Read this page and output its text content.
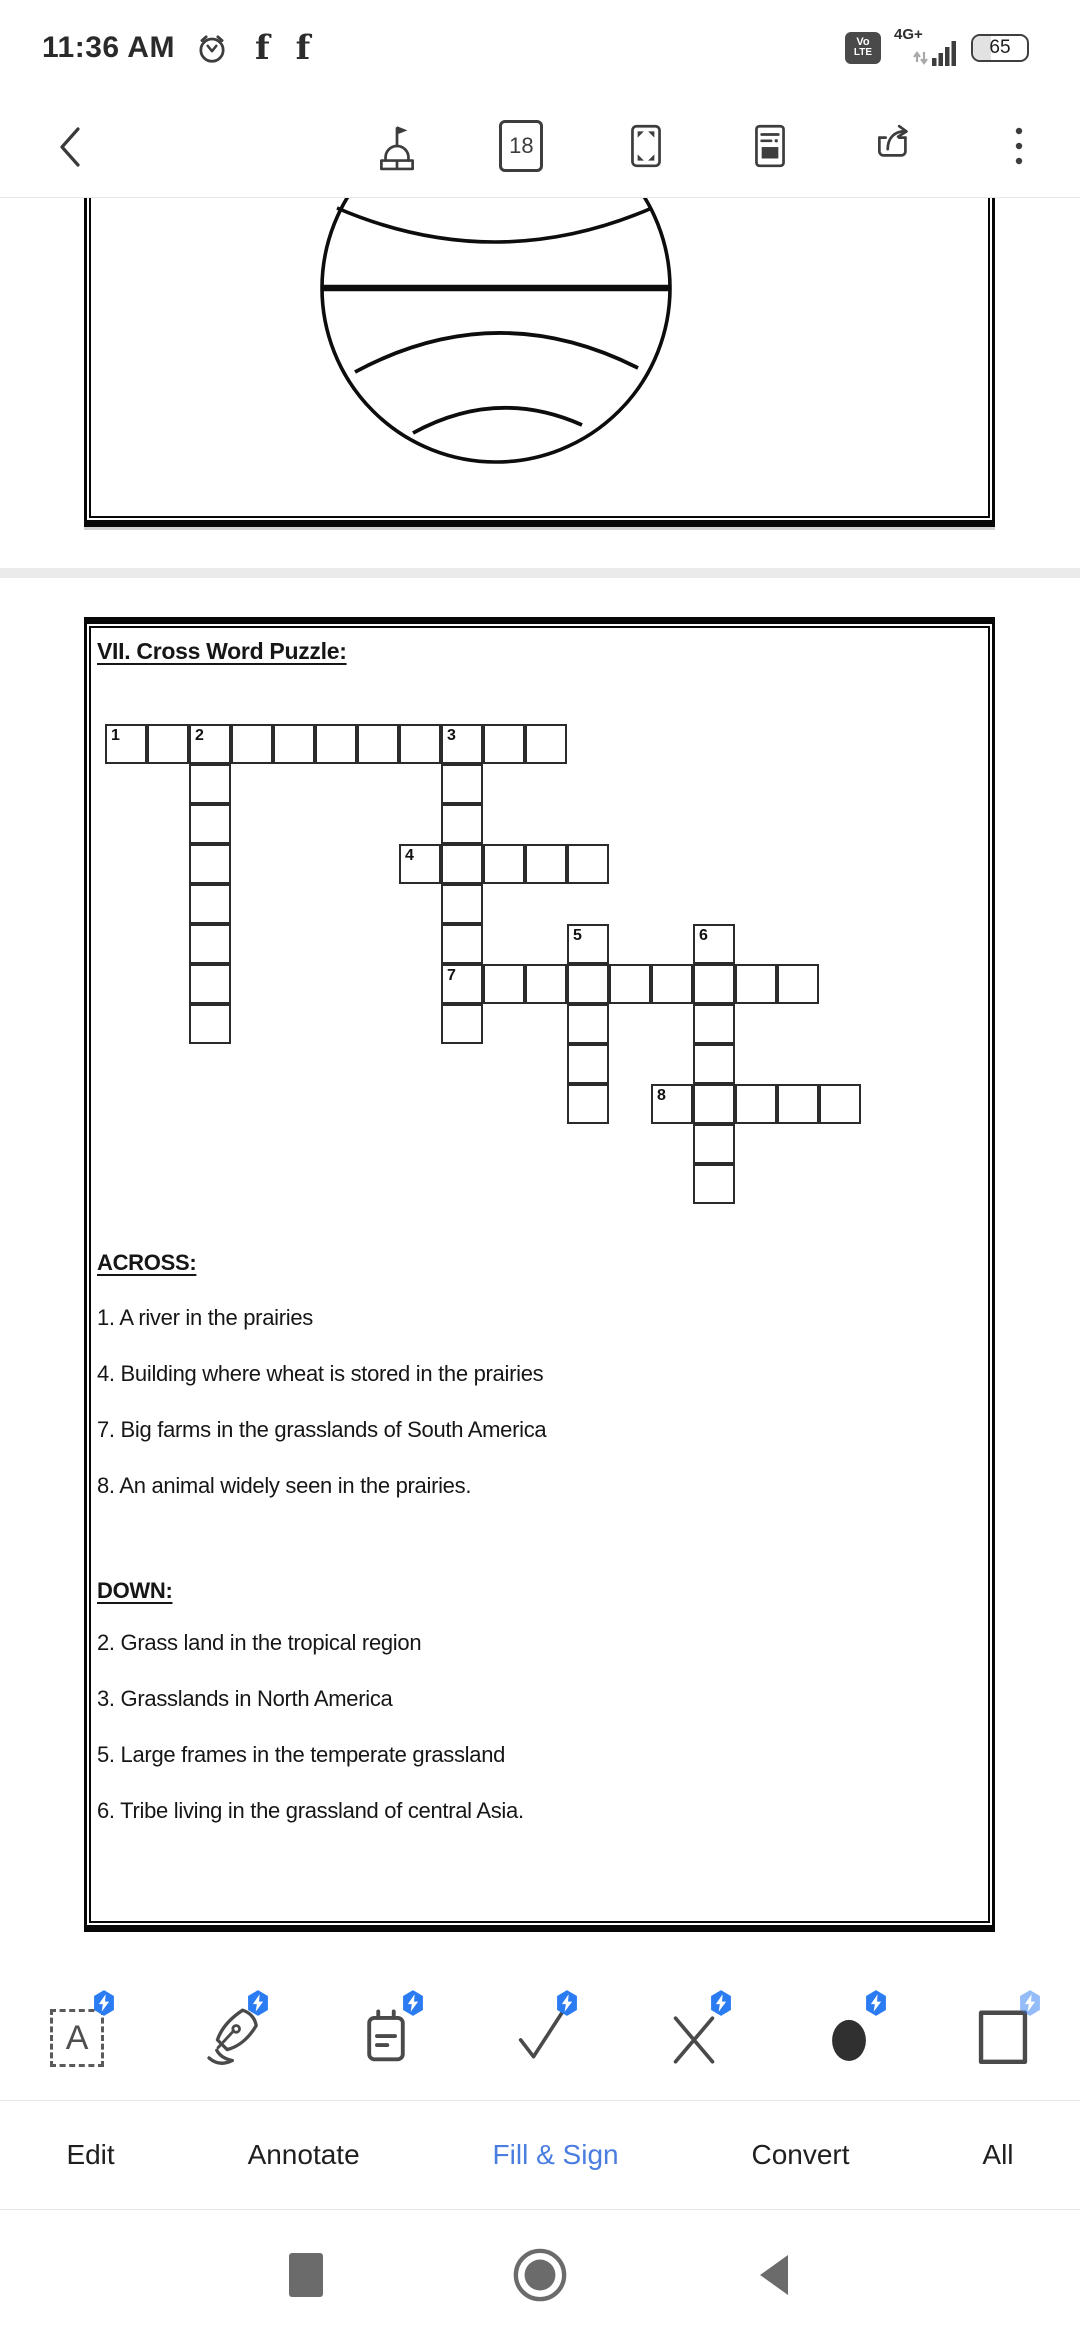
11:36 AM f f	Vo
LTE
4G+
65
18
VII. Cross Word Puzzle:
1	2	3
4
5	6
7
8
ACROSS:
1. A river in the prairies
4. Building where wheat is stored in the prairies
7. Big farms in the grasslands of South America
8. An animal widely seen in the prairies.
DOWN:
2. Grass land in the tropical region
3. Grasslands in North America
5. Large frames in the temperate grassland
6. Tribe living in the grassland of central Asia.
A
Edit	Annotate	Fill & Sign	Convert	All
